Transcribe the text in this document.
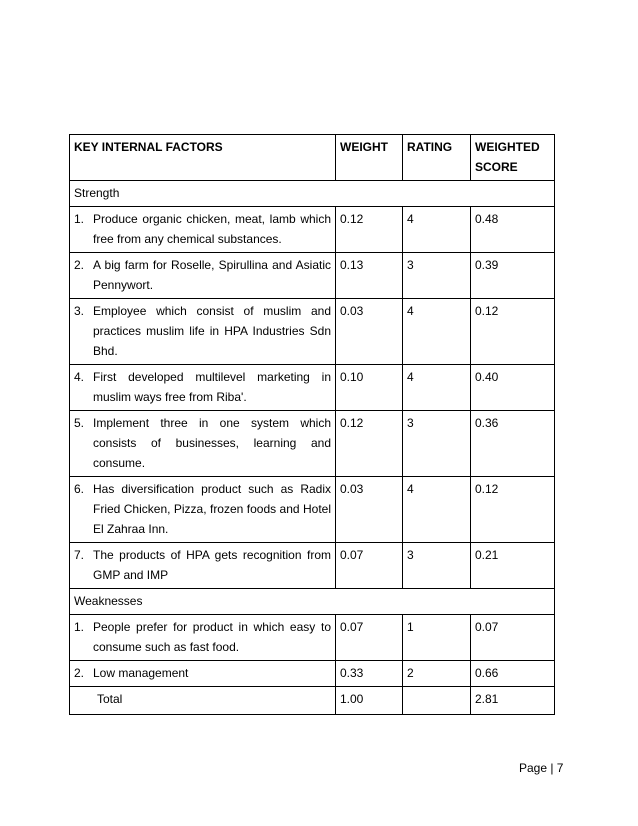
KEY INTERNAL FACTORS	WEIGHT	RATING	WEIGHTED SCORE
Strength			

1. Produce organic chicken, meat, lamb which free from any chemical substances.	0.12	4	0.48

2. A big farm for Roselle, Spirullina and Asiatic Pennywort.	0.13	3	0.39

3. Employee which consist of muslim and practices muslim life in HPA Industries Sdn Bhd.	0.03	4	0.12

4. First developed multilevel marketing in muslim ways free from Riba'.	0.10	4	0.40

5. Implement three in one system which consists of businesses, learning and consume.	0.12	3	0.36

6. Has diversification product such as Radix Fried Chicken, Pizza, frozen foods and Hotel El Zahraa Inn.	0.03	4	0.12

7. The products of HPA gets recognition from GMP and IMP	0.07	3	0.21
Weaknesses			

1. People prefer for product in which easy to consume such as fast food.	0.07	1	0.07

2. Low management	0.33	2	0.66
Total	1.00		2.81
Page | 7
